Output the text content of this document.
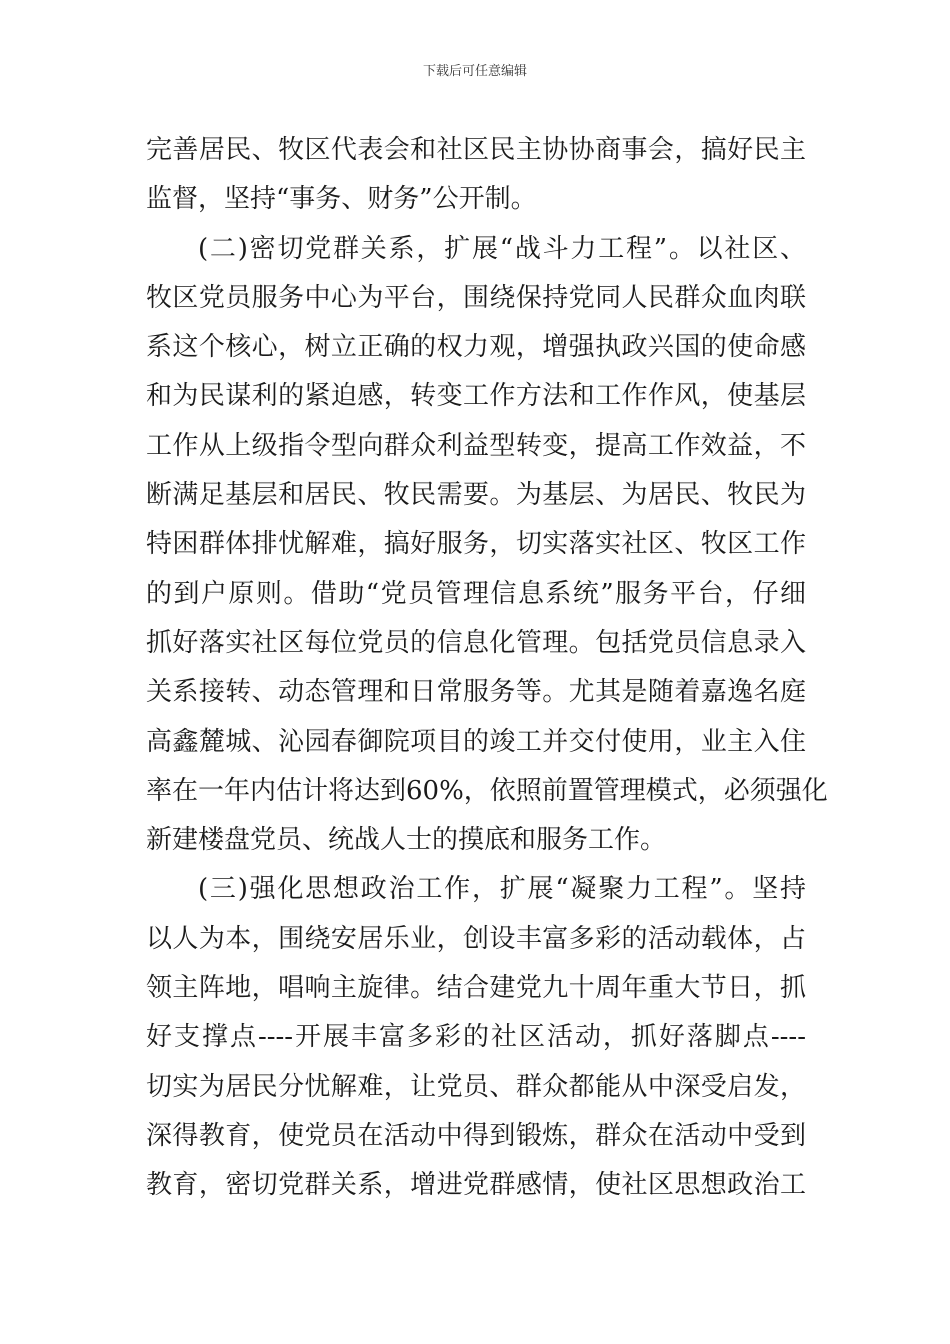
下载后可任意编辑
完善居民、牧区代表会和社区民主协协商事会，搞好民主
监督，坚持“事务、财务”公开制。
(二)密切党群关系，扩展“战斗力工程”。以社区、
牧区党员服务中心为平台，围绕保持党同人民群众血肉联
系这个核心，树立正确的权力观，增强执政兴国的使命感
和为民谋利的紧迫感，转变工作方法和工作作风，使基层
工作从上级指令型向群众利益型转变，提高工作效益，不
断满足基层和居民、牧民需要。为基层、为居民、牧民为
特困群体排忧解难，搞好服务，切实落实社区、牧区工作
的到户原则。借助“党员管理信息系统”服务平台，仔细
抓好落实社区每位党员的信息化管理。包括党员信息录入
关系接转、动态管理和日常服务等。尤其是随着嘉逸名庭
高鑫麓城、沁园春御院项目的竣工并交付使用，业主入住
率在一年内估计将达到60%，依照前置管理模式，必须强化
新建楼盘党员、统战人士的摸底和服务工作。
(三)强化思想政治工作，扩展“凝聚力工程”。坚持
以人为本，围绕安居乐业，创设丰富多彩的活动载体，占
领主阵地，唱响主旋律。结合建党九十周年重大节日，抓
好支撑点----开展丰富多彩的社区活动，抓好落脚点----
切实为居民分忧解难，让党员、群众都能从中深受启发，
深得教育，使党员在活动中得到锻炼，群众在活动中受到
教育，密切党群关系，增进党群感情，使社区思想政治工
